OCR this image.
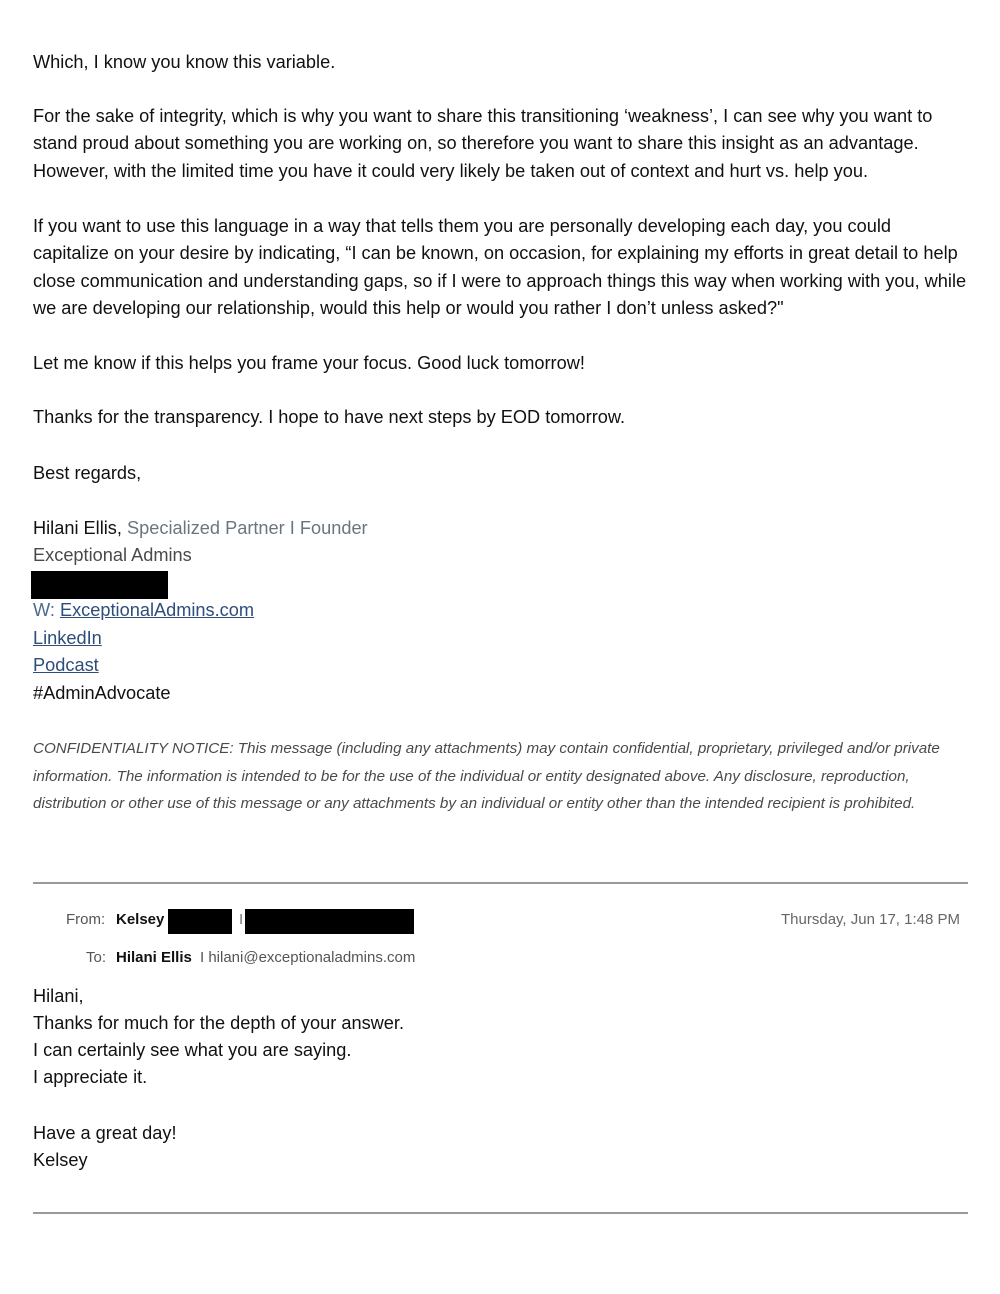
Which, I know you know this variable.

For the sake of integrity, which is why you want to share this transitioning ‘weakness’, I can see why you want to stand proud about something you are working on, so therefore you want to share this insight as an advantage. However, with the limited time you have it could very likely be taken out of context and hurt vs. help you.

If you want to use this language in a way that tells them you are personally developing each day, you could capitalize on your desire by indicating, “I can be known, on occasion, for explaining my efforts in great detail to help close communication and understanding gaps, so if I were to approach things this way when working with you, while we are developing our relationship, would this help or would you rather I don’t unless asked?"

Let me know if this helps you frame your focus. Good luck tomorrow!

Thanks for the transparency. I hope to have next steps by EOD tomorrow.

Best regards,

Hilani Ellis, Specialized Partner I Founder

Exceptional Admins

W: ExceptionalAdmins.com

LinkedIn

Podcast

#AdminAdvocate

CONFIDENTIALITY NOTICE: This message (including any attachments) may contain confidential, proprietary, privileged and/or private information. The information is intended to be for the use of the individual or entity designated above. Any disclosure, reproduction, distribution or other use of this message or any attachments by an individual or entity other than the intended recipient is prohibited.

From: Kelsey	I	Thursday, Jun 17, 1:48 PM
To: Hilani Ellis I hilani@exceptionaladmins.com

Hilani,

Thanks for much for the depth of your answer.

I can certainly see what you are saying.

I appreciate it.

Have a great day!

Kelsey
